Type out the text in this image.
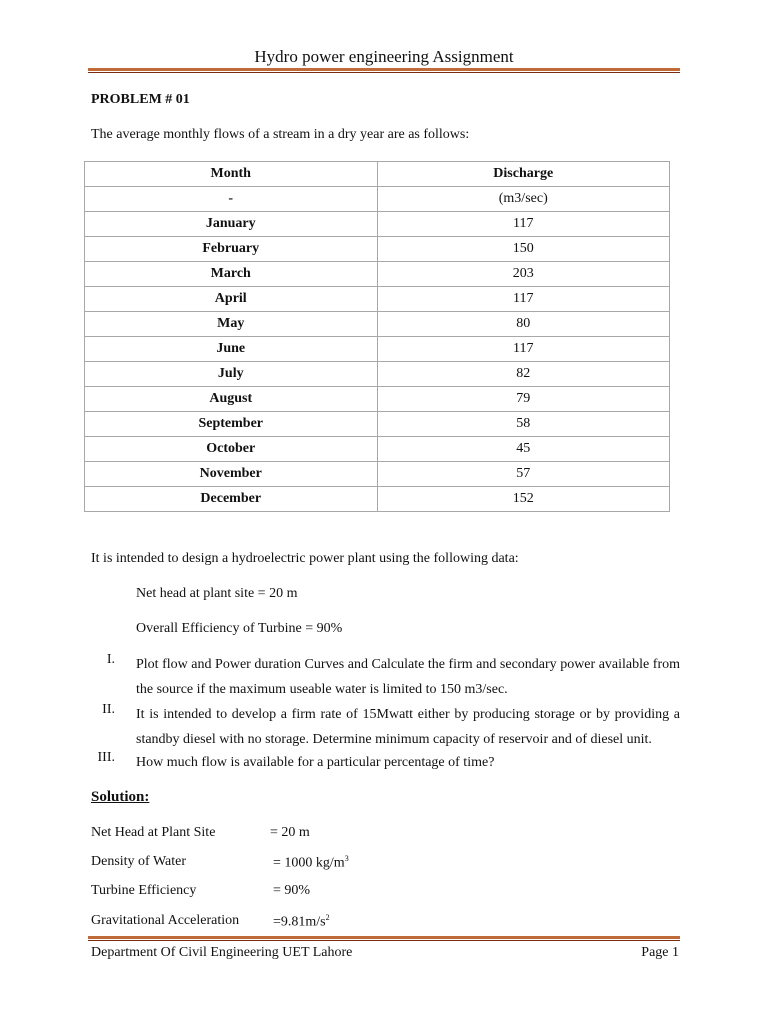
Hydro power engineering Assignment
PROBLEM # 01
The average monthly flows of a stream in a dry year are as follows:
Month	Discharge
-	(m3/sec)
January	117
February	150
March	203
April	117
May	80
June	117
July	82
August	79
September	58
October	45
November	57
December	152
It is intended to design a hydroelectric power plant using the following data:
Net head at plant site = 20 m
Overall Efficiency of Turbine = 90%
I. Plot flow and Power duration Curves and Calculate the firm and secondary power available from the source if the maximum useable water is limited to 150 m3/sec.
II. It is intended to develop a firm rate of 15Mwatt either by producing storage or by providing a standby diesel with no storage. Determine minimum capacity of reservoir and of diesel unit.
III. How much flow is available for a particular percentage of time?
Solution:
Net Head at Plant Site	= 20 m
Density of Water	= 1000 $kg/m^3$
Turbine Efficiency	= 90%
Gravitational Acceleration $=9.81m/s^2$
Department Of Civil Engineering UET Lahore	Page 1
